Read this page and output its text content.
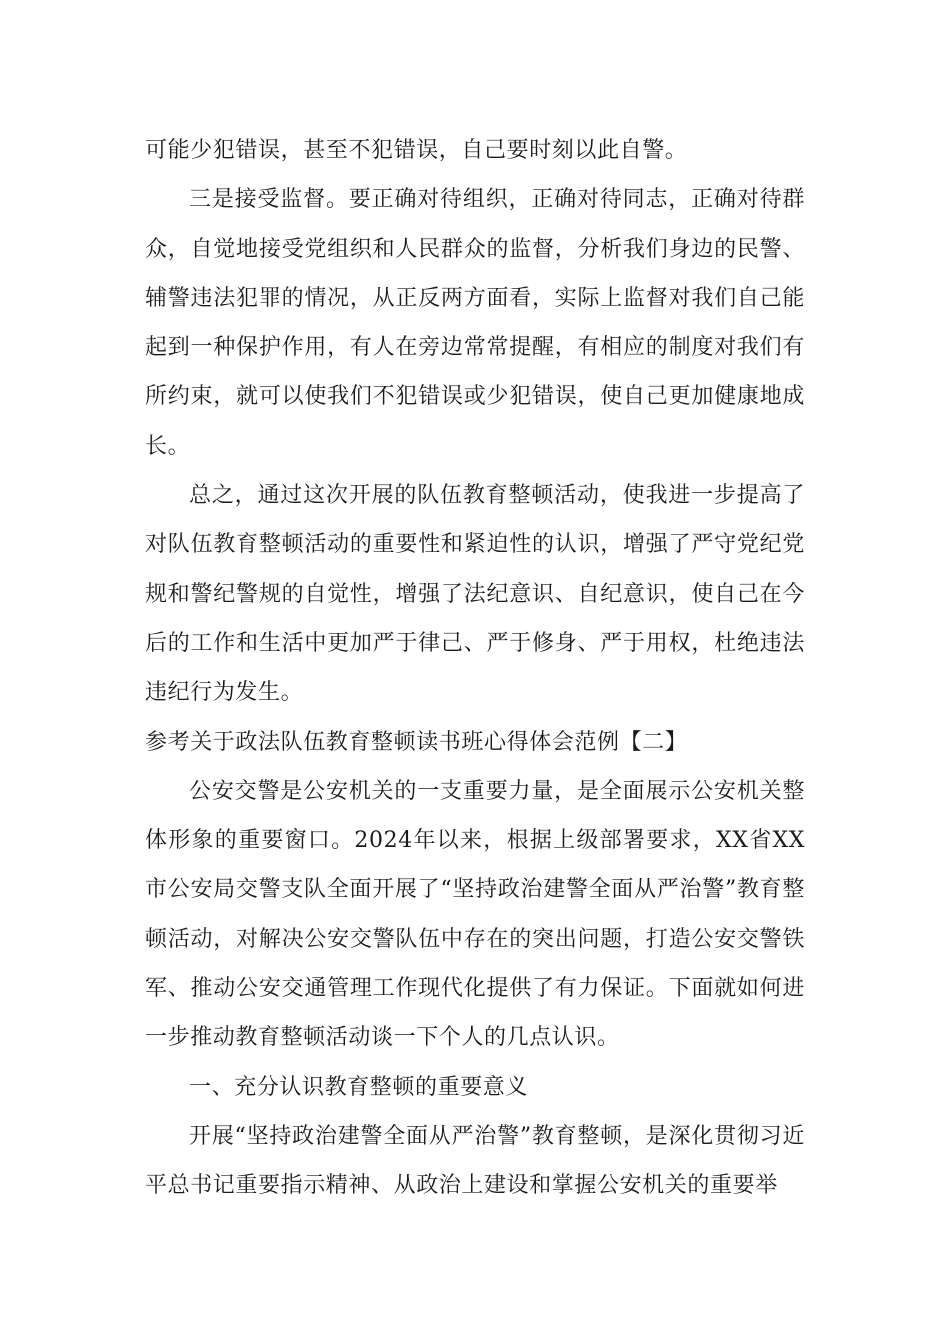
可能少犯错误，甚至不犯错误，自己要时刻以此自警。

三是接受监督。要正确对待组织，正确对待同志，正确对待群众，自觉地接受党组织和人民群众的监督，分析我们身边的民警、辅警违法犯罪的情况，从正反两方面看，实际上监督对我们自己能起到一种保护作用，有人在旁边常常提醒，有相应的制度对我们有所约束，就可以使我们不犯错误或少犯错误，使自己更加健康地成长。

总之，通过这次开展的队伍教育整顿活动，使我进一步提高了对队伍教育整顿活动的重要性和紧迫性的认识，增强了严守党纪党规和警纪警规的自觉性，增强了法纪意识、自纪意识，使自己在今后的工作和生活中更加严于律己、严于修身、严于用权，杜绝违法违纪行为发生。

参考关于政法队伍教育整顿读书班心得体会范例【二】

公安交警是公安机关的一支重要力量，是全面展示公安机关整体形象的重要窗口。2024年以来，根据上级部署要求，XX省XX市公安局交警支队全面开展了“坚持政治建警全面从严治警”教育整顿活动，对解决公安交警队伍中存在的突出问题，打造公安交警铁军、推动公安交通管理工作现代化提供了有力保证。下面就如何进一步推动教育整顿活动谈一下个人的几点认识。

一、充分认识教育整顿的重要意义

开展“坚持政治建警全面从严治警”教育整顿，是深化贯彻习近平总书记重要指示精神、从政治上建设和掌握公安机关的重要举
